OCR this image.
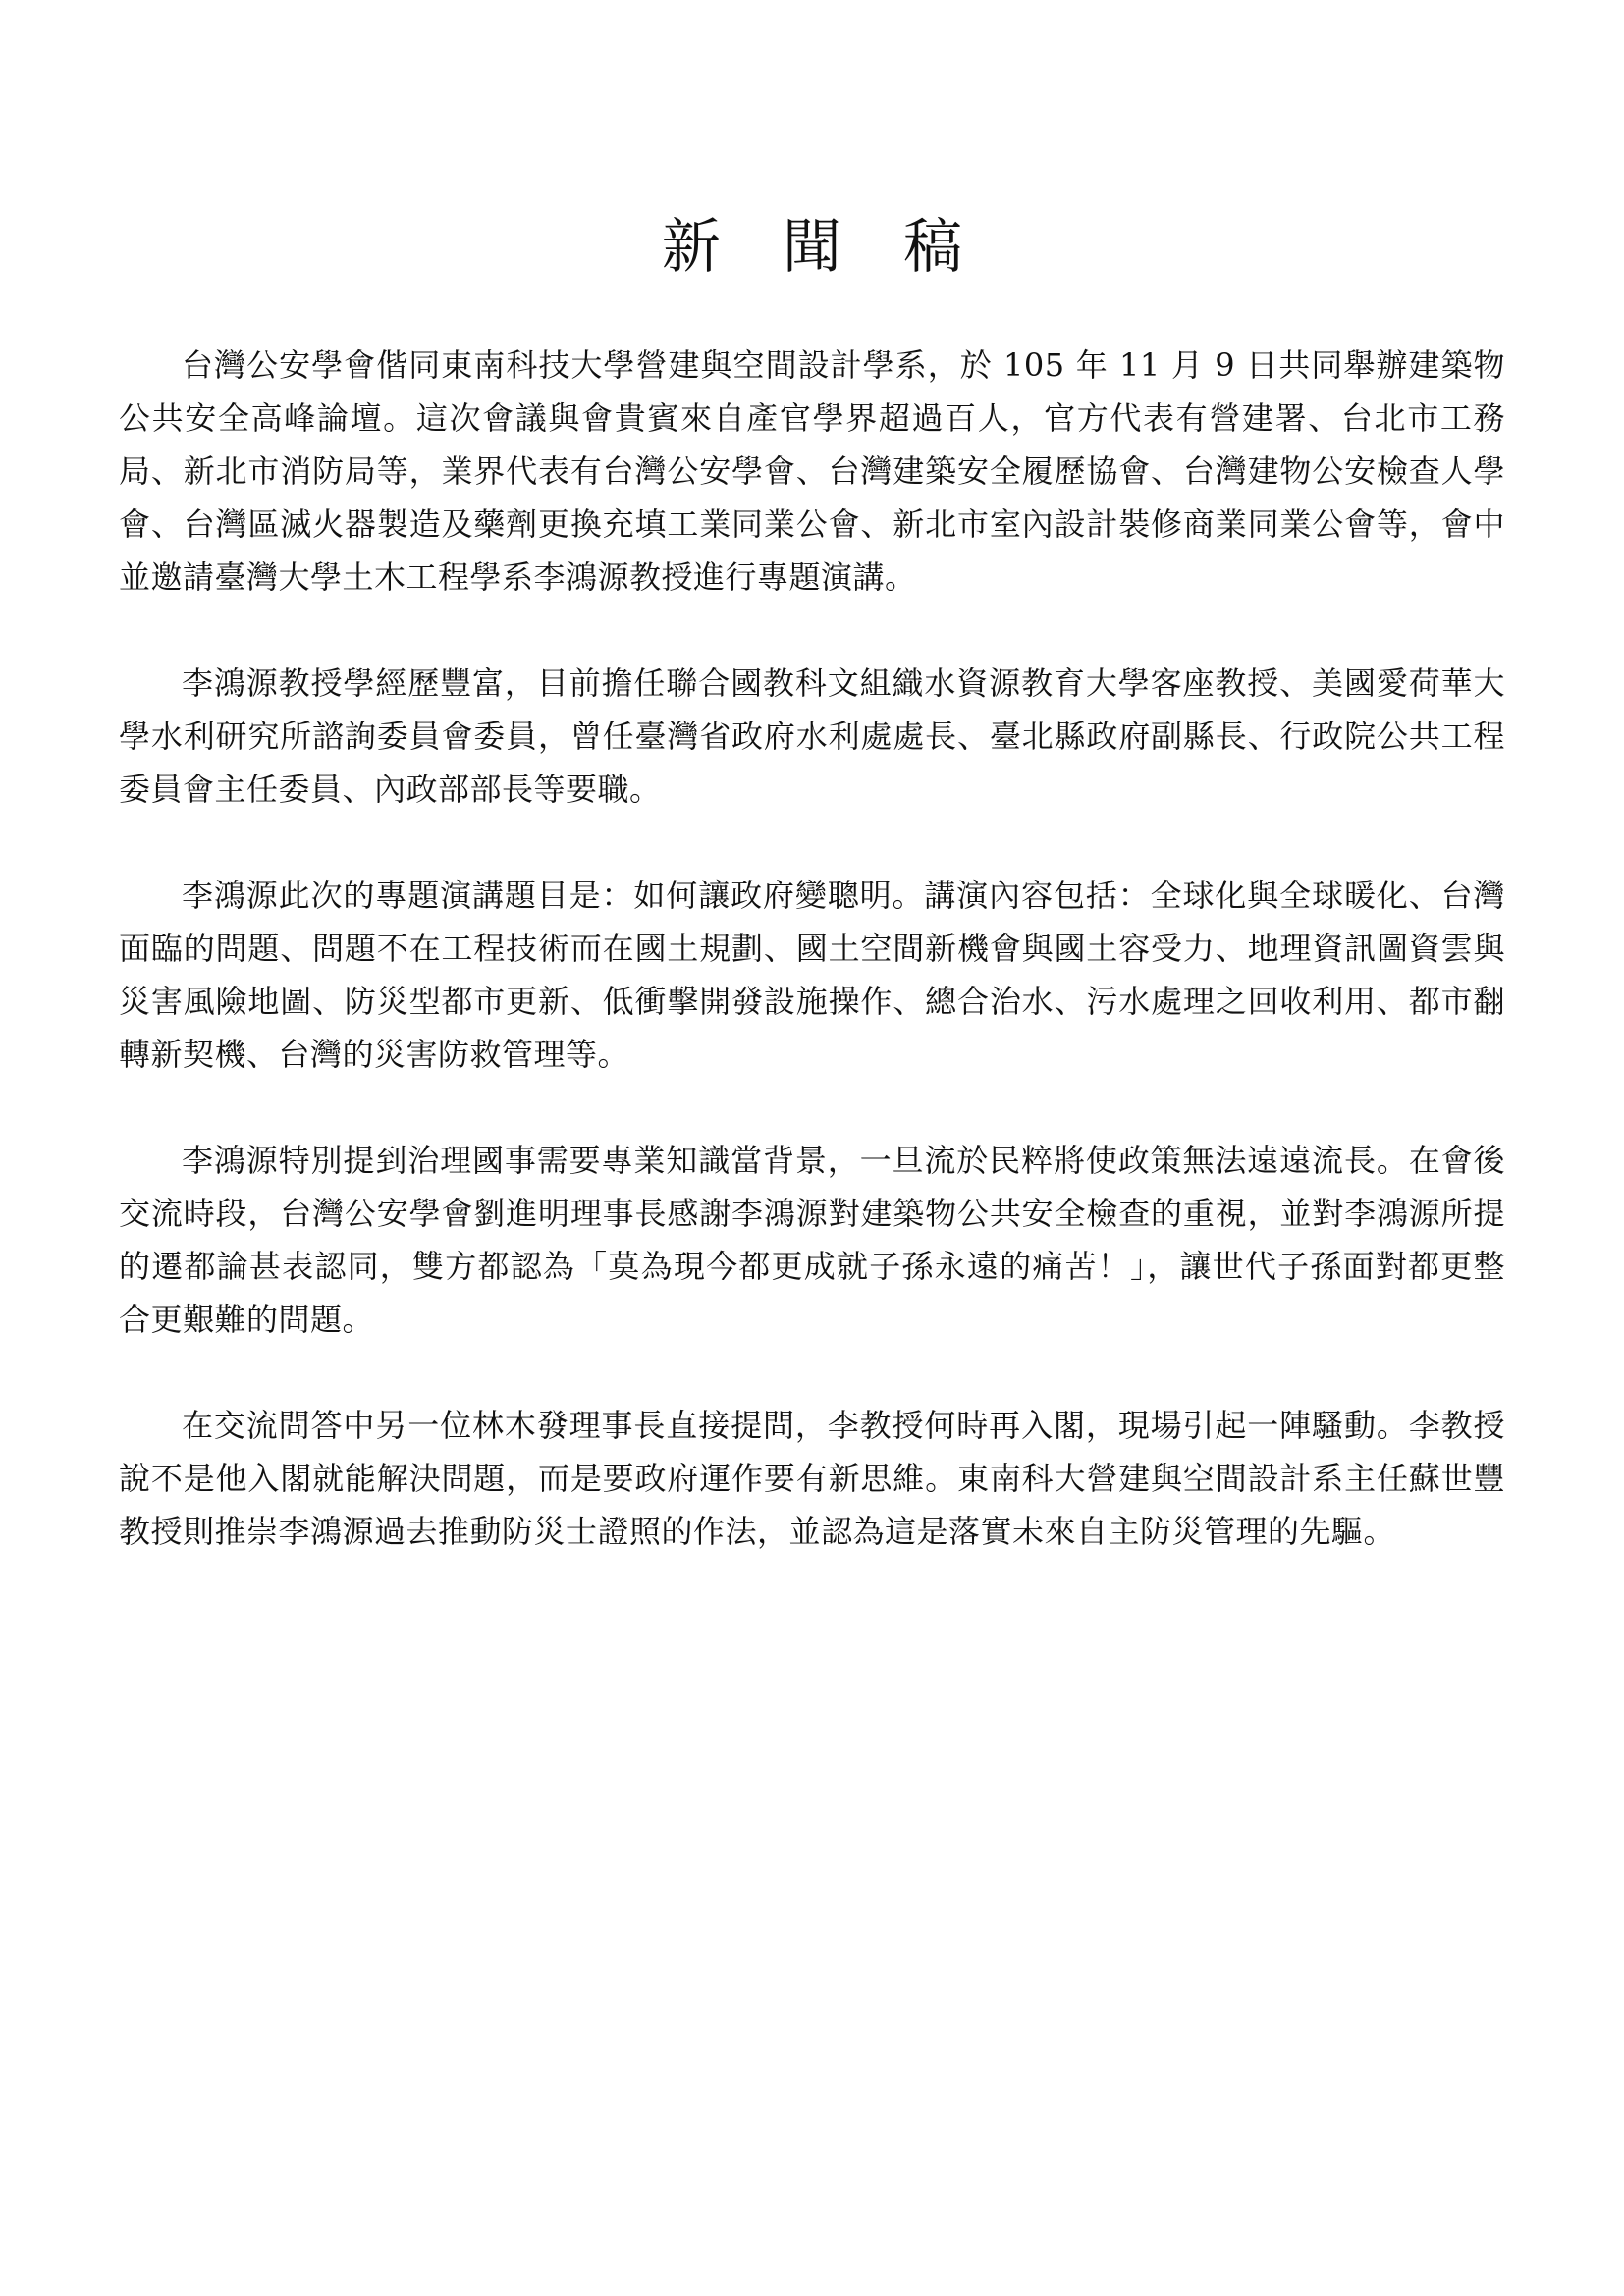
新 聞 稿

台灣公安學會偕同東南科技大學營建與空間設計學系，於 105 年 11 月 9 日共同舉辦建築物公共安全高峰論壇。這次會議與會貴賓來自產官學界超過百人，官方代表有營建署、台北市工務局、新北市消防局等，業界代表有台灣公安學會、台灣建築安全履歷協會、台灣建物公安檢查人學會、台灣區滅火器製造及藥劑更換充填工業同業公會、新北市室內設計裝修商業同業公會等，會中並邀請臺灣大學土木工程學系李鴻源教授進行專題演講。

李鴻源教授學經歷豐富，目前擔任聯合國教科文組織水資源教育大學客座教授、美國愛荷華大學水利研究所諮詢委員會委員，曾任臺灣省政府水利處處長、臺北縣政府副縣長、行政院公共工程委員會主任委員、內政部部長等要職。

李鴻源此次的專題演講題目是：如何讓政府變聰明。講演內容包括：全球化與全球暖化、台灣面臨的問題、問題不在工程技術而在國土規劃、國土空間新機會與國土容受力、地理資訊圖資雲與災害風險地圖、防災型都市更新、低衝擊開發設施操作、總合治水、污水處理之回收利用、都市翻轉新契機、台灣的災害防救管理等。

李鴻源特別提到治理國事需要專業知識當背景，一旦流於民粹將使政策無法遠遠流長。在會後交流時段，台灣公安學會劉進明理事長感謝李鴻源對建築物公共安全檢查的重視，並對李鴻源所提的遷都論甚表認同，雙方都認為「莫為現今都更成就子孫永遠的痛苦！」，讓世代子孫面對都更整合更艱難的問題。

在交流問答中另一位林木發理事長直接提問，李教授何時再入閣，現場引起一陣騷動。李教授說不是他入閣就能解決問題，而是要政府運作要有新思維。東南科大營建與空間設計系主任蘇世豐教授則推崇李鴻源過去推動防災士證照的作法，並認為這是落實未來自主防災管理的先驅。
